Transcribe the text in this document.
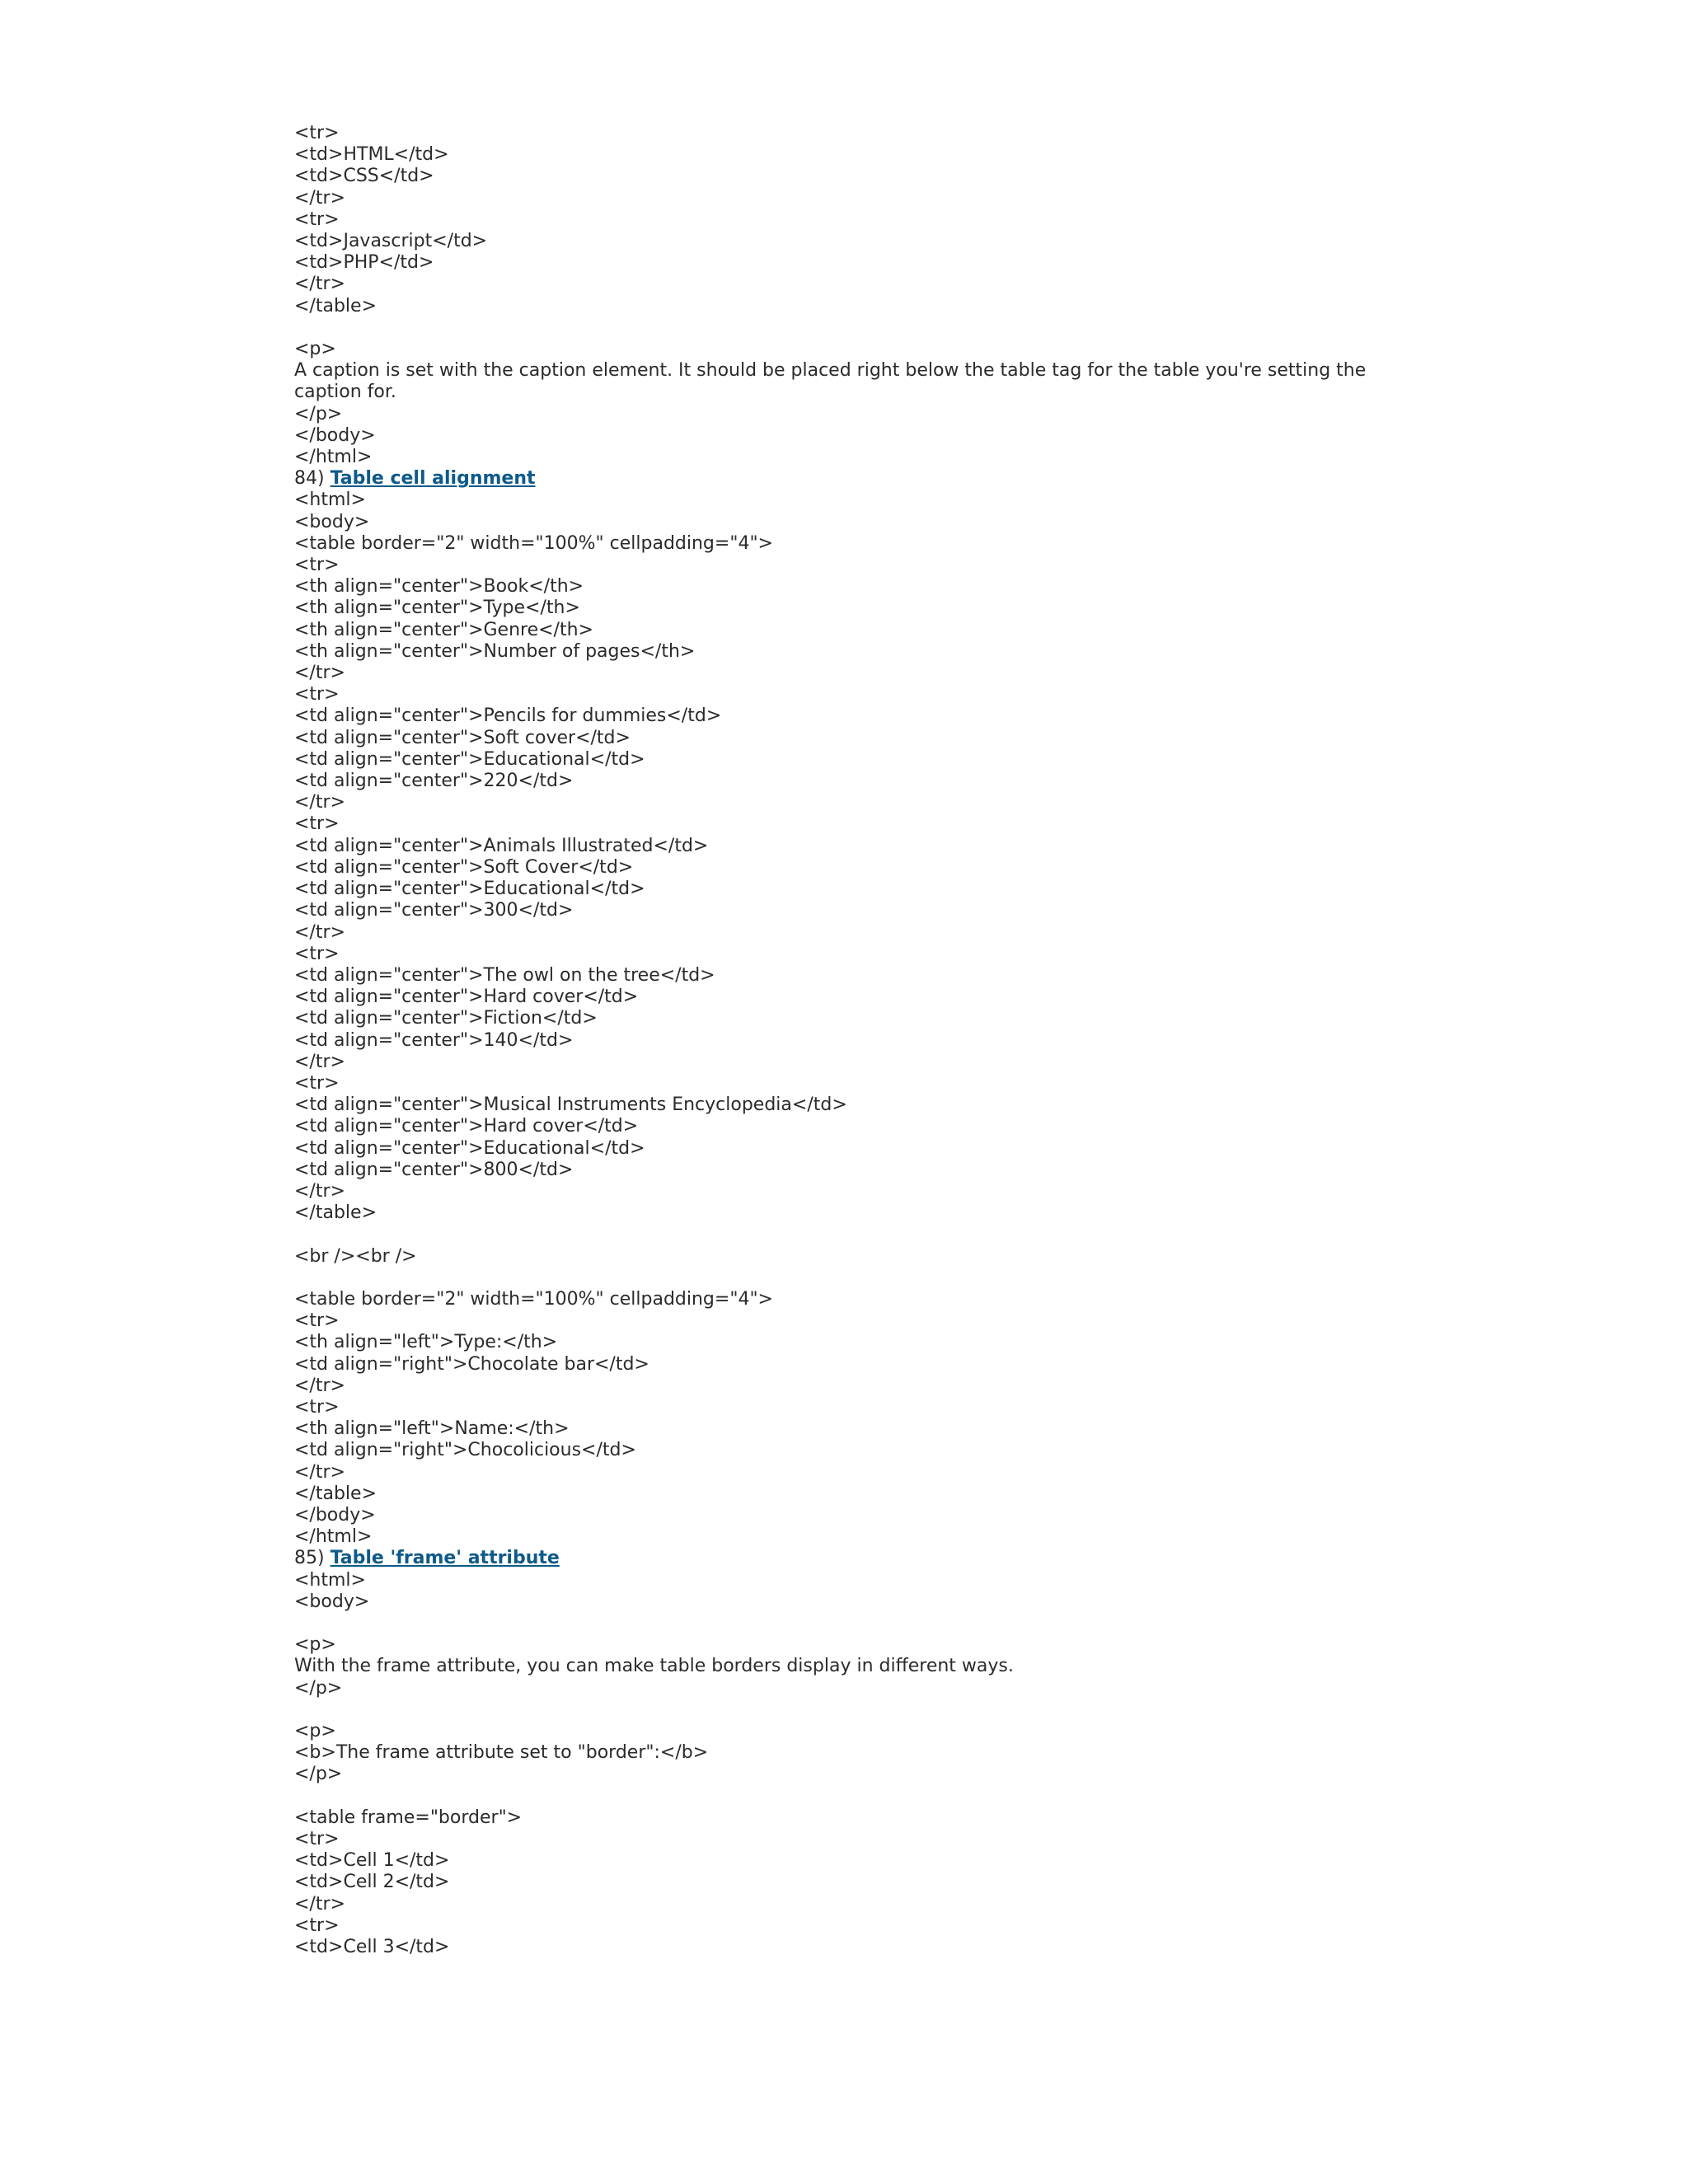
<tr>
<td>HTML</td>
<td>CSS</td>
</tr>
<tr>
<td>Javascript</td>
<td>PHP</td>
</tr>
</table>
<p>
A caption is set with the caption element. It should be placed right below the table tag for the table you're setting the caption for.
</p>
</body>
</html>
84) Table cell alignment
<html>
<body>
<table border="2" width="100%" cellpadding="4">
<tr>
<th align="center">Book</th>
<th align="center">Type</th>
<th align="center">Genre</th>
<th align="center">Number of pages</th>
</tr>
<tr>
<td align="center">Pencils for dummies</td>
<td align="center">Soft cover</td>
<td align="center">Educational</td>
<td align="center">220</td>
</tr>
<tr>
<td align="center">Animals Illustrated</td>
<td align="center">Soft Cover</td>
<td align="center">Educational</td>
<td align="center">300</td>
</tr>
<tr>
<td align="center">The owl on the tree</td>
<td align="center">Hard cover</td>
<td align="center">Fiction</td>
<td align="center">140</td>
</tr>
<tr>
<td align="center">Musical Instruments Encyclopedia</td>
<td align="center">Hard cover</td>
<td align="center">Educational</td>
<td align="center">800</td>
</tr>
</table>
<br /><br />
<table border="2" width="100%" cellpadding="4">
<tr>
<th align="left">Type:</th>
<td align="right">Chocolate bar</td>
</tr>
<tr>
<th align="left">Name:</th>
<td align="right">Chocolicious</td>
</tr>
</table>
</body>
</html>
85) Table 'frame' attribute
<html>
<body>
<p>
With the frame attribute, you can make table borders display in different ways.
</p>
<p>
<b>The frame attribute set to "border":</b>
</p>
<table frame="border">
<tr>
<td>Cell 1</td>
<td>Cell 2</td>
</tr>
<tr>
<td>Cell 3</td>
